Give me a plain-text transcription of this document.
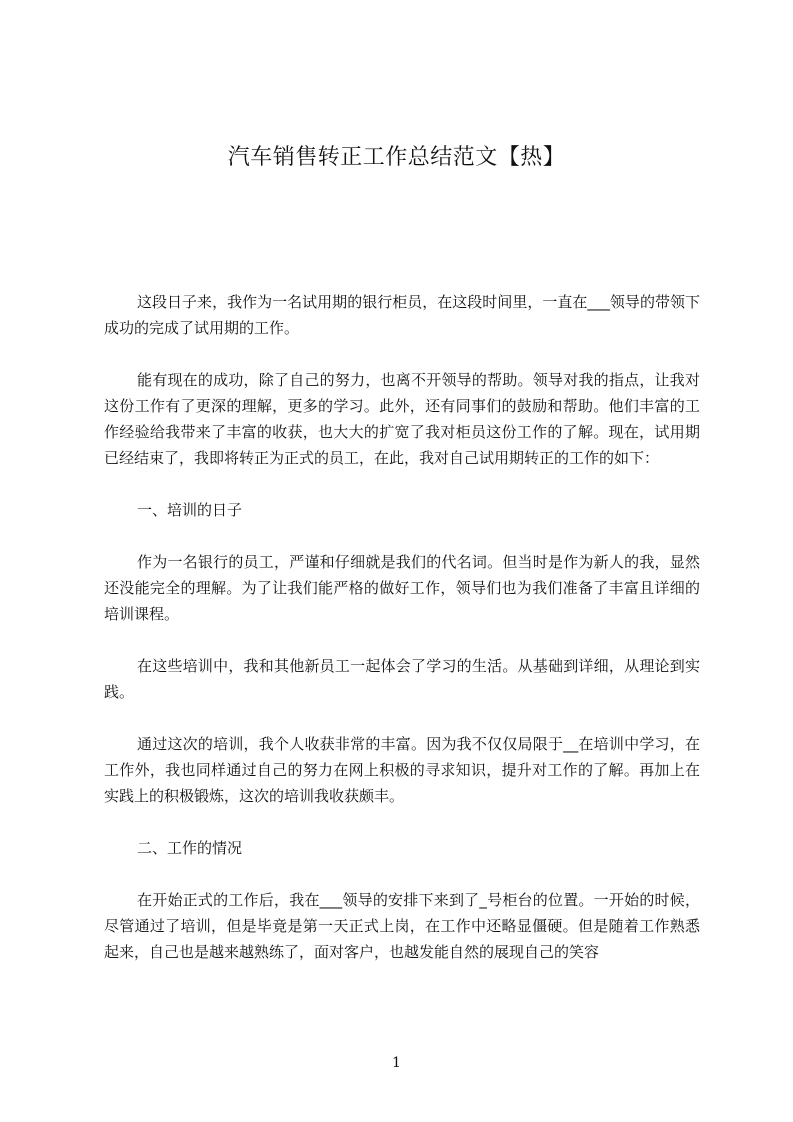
汽车销售转正工作总结范文【热】

这段日子来，我作为一名试用期的银行柜员，在这段时间里，一直在___领导的带领下成功的完成了试用期的工作。

能有现在的成功，除了自己的努力，也离不开领导的帮助。领导对我的指点，让我对这份工作有了更深的理解，更多的学习。此外，还有同事们的鼓励和帮助。他们丰富的工作经验给我带来了丰富的收获，也大大的扩宽了我对柜员这份工作的了解。现在，试用期已经结束了，我即将转正为正式的员工，在此，我对自己试用期转正的工作的如下：

一、培训的日子

作为一名银行的员工，严谨和仔细就是我们的代名词。但当时是作为新人的我，显然还没能完全的理解。为了让我们能严格的做好工作，领导们也为我们准备了丰富且详细的培训课程。

在这些培训中，我和其他新员工一起体会了学习的生活。从基础到详细，从理论到实践。

通过这次的培训，我个人收获非常的丰富。因为我不仅仅局限于__在培训中学习，在工作外，我也同样通过自己的努力在网上积极的寻求知识，提升对工作的了解。再加上在实践上的积极锻炼，这次的培训我收获颇丰。

二、工作的情况

在开始正式的工作后，我在___领导的安排下来到了_号柜台的位置。一开始的时候，尽管通过了培训，但是毕竟是第一天正式上岗，在工作中还略显僵硬。但是随着工作熟悉起来，自己也是越来越熟练了，面对客户，也越发能自然的展现自己的笑容

1
